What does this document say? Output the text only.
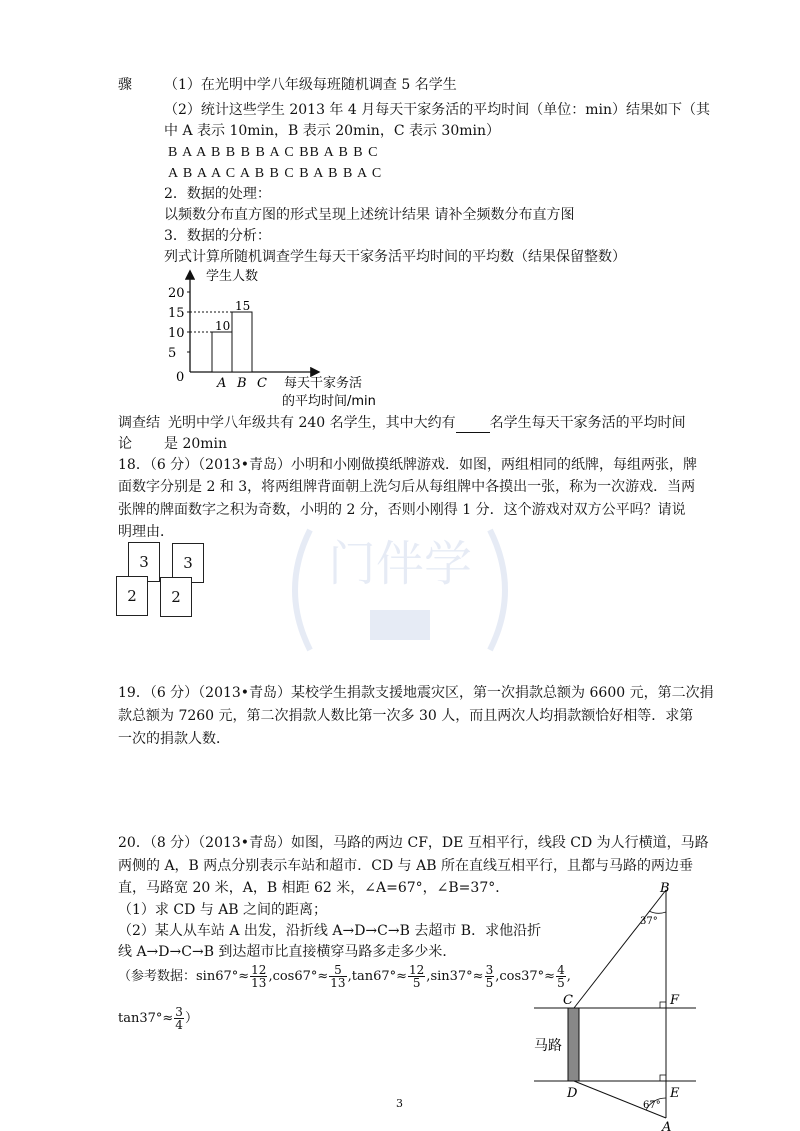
门伴学
骤 （1）在光明中学八年级每班随机调查 5 名学生
（2）统计这些学生 2013 年 4 月每天干家务活的平均时间（单位：min）结果如下（其
中 A 表示 10min，B 表示 20min，C 表示 30min）
B A A B B B B A C BB A B B C
A B A A C A B B C B A B B A C
2．数据的处理：
以频数分布直方图的形式呈现上述统计结果 请补全频数分布直方图
3．数据的分析：
列式计算所随机调查学生每天干家务活平均时间的平均数（结果保留整数）
学生人数
0
5
10
15
20
10
15
A B C 每天干家务活
的平均时间/min
调查结
论
光明中学八年级共有 240 名学生，其中大约有 名学生每天干家务活的平均时间
是 20min
18．（6 分）（2013•青岛）小明和小刚做摸纸牌游戏．如图，两组相同的纸牌，每组两张，牌
面数字分别是 2 和 3，将两组牌背面朝上洗匀后从每组牌中各摸出一张，称为一次游戏．当两
张牌的牌面数字之积为奇数，小明的 2 分，否则小刚得 1 分．这个游戏对双方公平吗？请说
明理由．
3
2
3
2
19．（6 分）（2013•青岛）某校学生捐款支援地震灾区，第一次捐款总额为 6600 元，第二次捐
款总额为 7260 元，第二次捐款人数比第一次多 30 人，而且两次人均捐款额恰好相等．求第
一次的捐款人数．
20．（8 分）（2013•青岛）如图，马路的两边 CF，DE 互相平行，线段 CD 为人行横道，马路
两侧的 A，B 两点分别表示车站和超市．CD 与 AB 所在直线互相平行，且都与马路的两边垂
直，马路宽 20 米，A，B 相距 62 米，∠A=67°，∠B=37°．
（1）求 CD 与 AB 之间的距离；
（2）某人从车站 A 出发，沿折线 A→D→C→B 去超市 B．求他沿折
线 A→D→C→B 到达超市比直接横穿马路多走多少米．
（参考数据：$\sin 67^\circ\approx \frac{12}{13} ,\cos 67^\circ\approx \frac{5}{13} ,\tan 67^\circ\approx \frac{12}{5} ,\sin 37^\circ\approx \frac{3}{5} ,\cos 37^\circ\approx \frac{4}{5}$ ,
$\tan 37^\circ\approx \frac{3}{4}$ ）
B
37°
C	F
马路
D	E
67°
A
3
